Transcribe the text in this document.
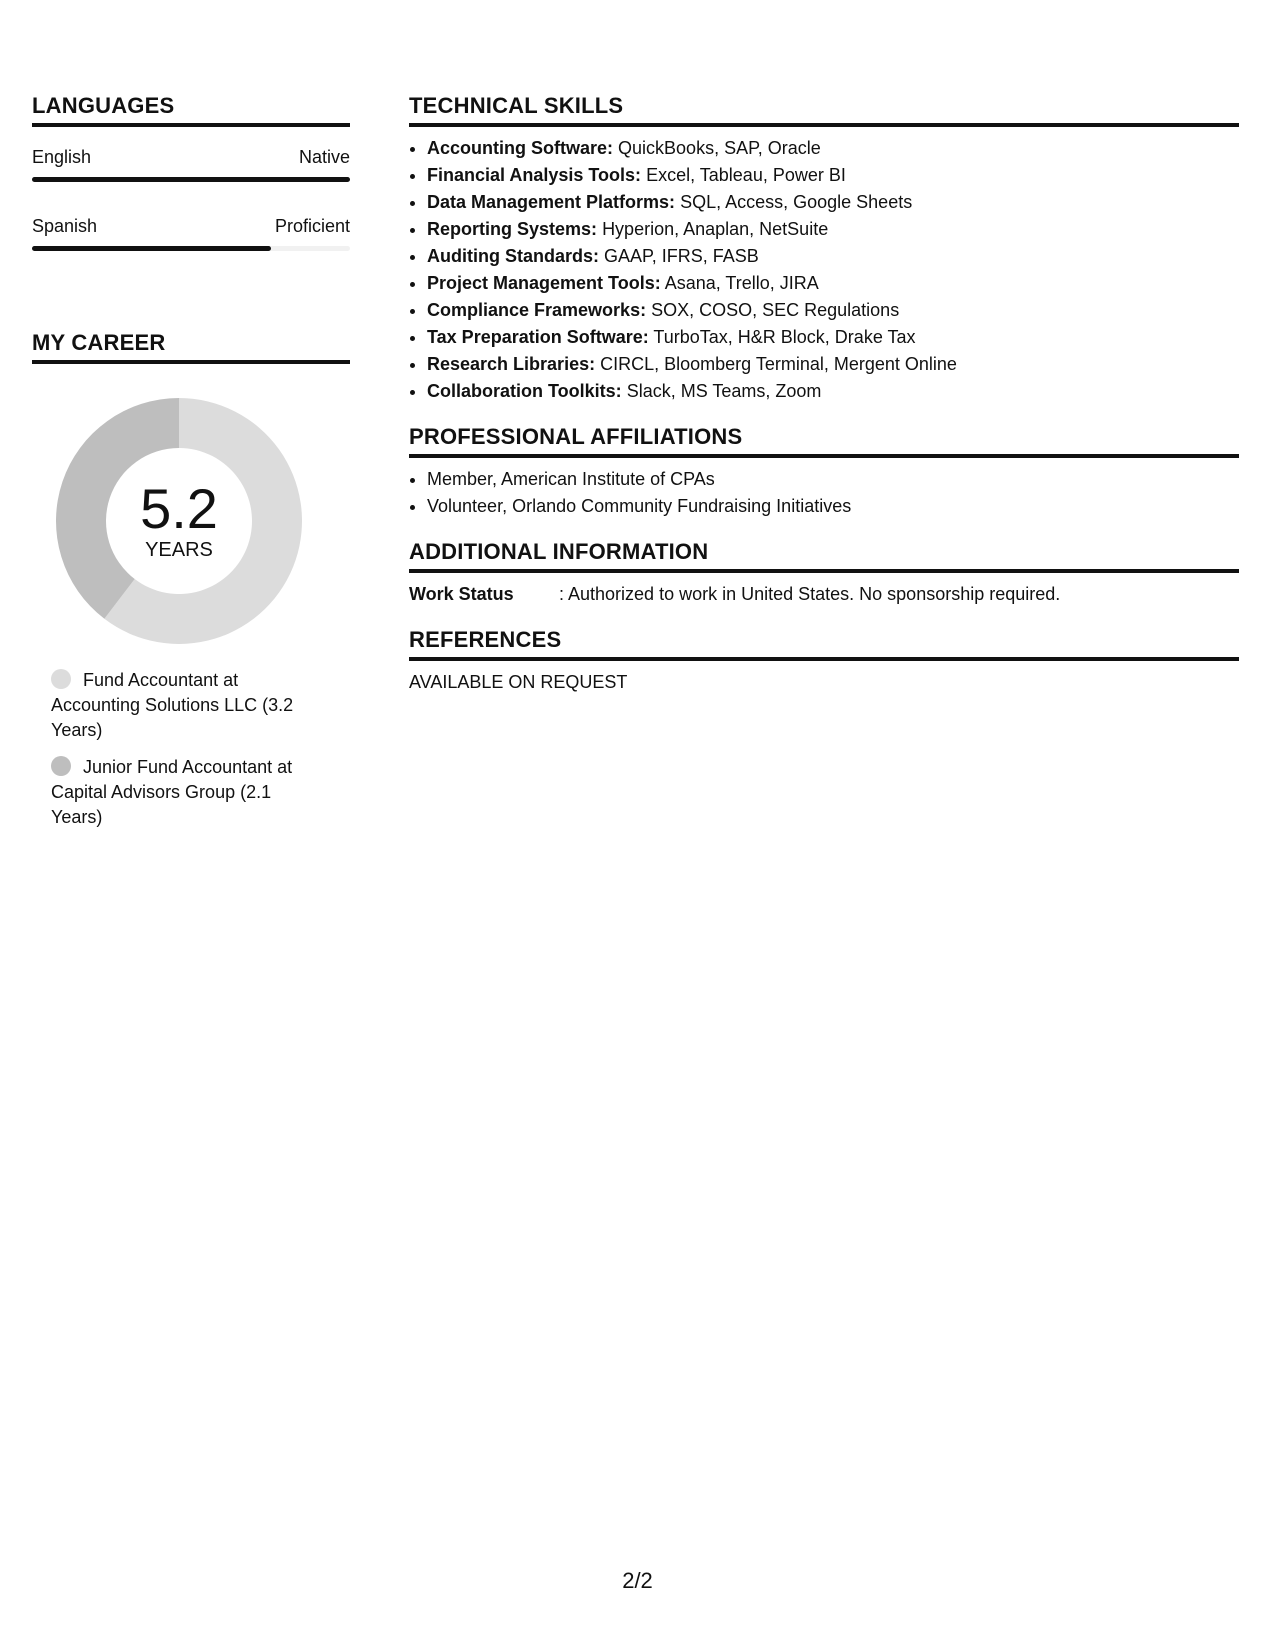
LANGUAGES
English	Native
Spanish	Proficient
MY CAREER
5.2
YEARS
Fund Accountant at Accounting Solutions LLC (3.2 Years)
Junior Fund Accountant at Capital Advisors Group (2.1 Years)
TECHNICAL SKILLS
• Accounting Software: QuickBooks, SAP, Oracle
• Financial Analysis Tools: Excel, Tableau, Power BI
• Data Management Platforms: SQL, Access, Google Sheets
• Reporting Systems: Hyperion, Anaplan, NetSuite
• Auditing Standards: GAAP, IFRS, FASB
• Project Management Tools: Asana, Trello, JIRA
• Compliance Frameworks: SOX, COSO, SEC Regulations
• Tax Preparation Software: TurboTax, H&R Block, Drake Tax
• Research Libraries: CIRCL, Bloomberg Terminal, Mergent Online
• Collaboration Toolkits: Slack, MS Teams, Zoom
PROFESSIONAL AFFILIATIONS
• Member, American Institute of CPAs
• Volunteer, Orlando Community Fundraising Initiatives
ADDITIONAL INFORMATION
Work Status	: Authorized to work in United States. No sponsorship required.
REFERENCES
AVAILABLE ON REQUEST
2/2
